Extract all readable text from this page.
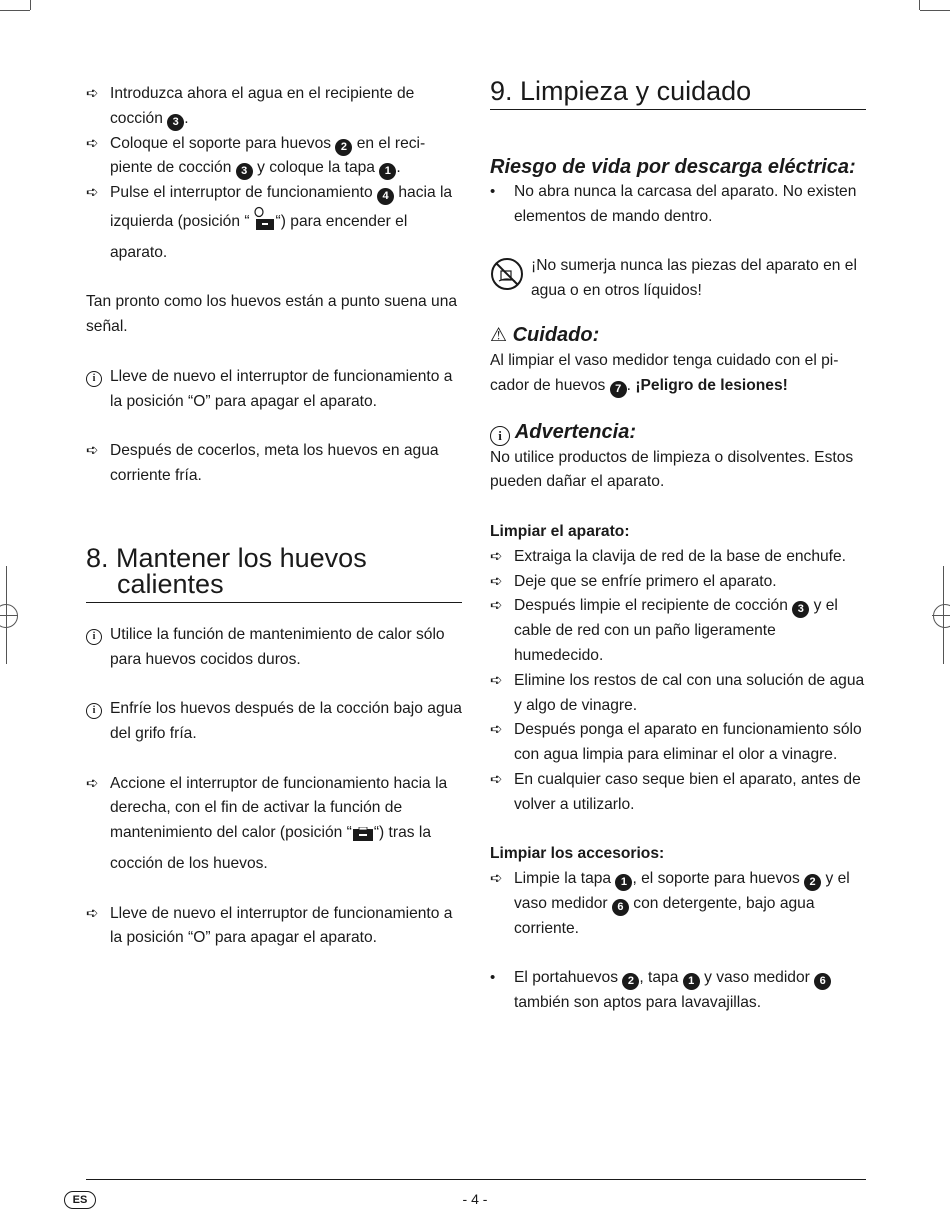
➪ Introduzca ahora el agua en el recipiente de cocción 3 .
➪ Coloque el soporte para huevos 2 en el reci-piente de cocción 3 y coloque la tapa 1 .
➪ Pulse el interruptor de funcionamiento 4 hacia la izquierda (posición “ “) para encender el aparato.

Tan pronto como los huevos están a punto suena una señal.

i Lleve de nuevo el interruptor de funcionamiento a la posición “O” para apagar el aparato.
➪ Después de cocerlos, meta los huevos en agua corriente fría.
8. Mantener los huevos
calientes
i Utilice la función de mantenimiento de calor sólo para huevos cocidos duros.
i Enfríe los huevos después de la cocción bajo agua del grifo fría.
➪ Accione el interruptor de funcionamiento hacia la derecha, con el fin de activar la función de mantenimiento del calor (posición “ “) tras la cocción de los huevos.
➪ Lleve de nuevo el interruptor de funcionamiento a la posición “O” para apagar el aparato.
9. Limpieza y cuidado
Riesgo de vida por descarga eléctrica:
•	No abra nunca la carcasa del aparato. No existen elementos de mando dentro.
¡No sumerja nunca las piezas del aparato en el agua o en otros líquidos!
⚠ Cuidado:

Al limpiar el vaso medidor tenga cuidado con el pi-cador de huevos 7 . ¡Peligro de lesiones!

i Advertencia:

No utilice productos de limpieza o disolventes. Estos pueden dañar el aparato.

Limpiar el aparato:
➪ Extraiga la clavija de red de la base de enchufe.
➪ Deje que se enfríe primero el aparato.
➪ Después limpie el recipiente de cocción 3 y el cable de red con un paño ligeramente humedecido.
➪ Elimine los restos de cal con una solución de agua y algo de vinagre.
➪ Después ponga el aparato en funcionamiento sólo con agua limpia para eliminar el olor a vinagre.
➪ En cualquier caso seque bien el aparato, antes de volver a utilizarlo.
Limpiar los accesorios:
➪ Limpie la tapa 1 , el soporte para huevos 2 y el vaso medidor 6 con detergente, bajo agua corriente.
•	El portahuevos 2 , tapa 1 y vaso medidor 6 también son aptos para lavavajillas.
ES	- 4 -
